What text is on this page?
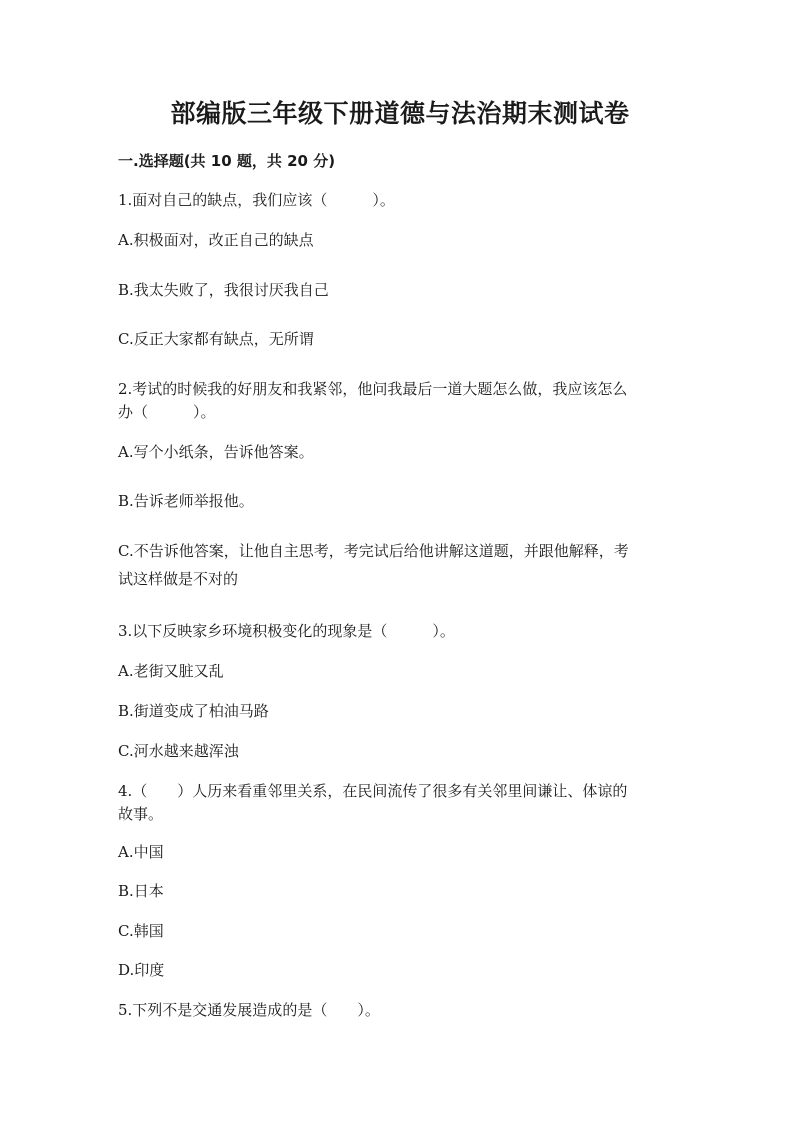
部编版三年级下册道德与法治期末测试卷
一.选择题(共 10 题，共 20 分)
1.面对自己的缺点，我们应该（　　　）。
A.积极面对，改正自己的缺点
B.我太失败了，我很讨厌我自己
C.反正大家都有缺点，无所谓
2.考试的时候我的好朋友和我紧邻，他问我最后一道大题怎么做，我应该怎么
办（　　　）。
A.写个小纸条，告诉他答案。
B.告诉老师举报他。
C.不告诉他答案，让他自主思考，考完试后给他讲解这道题，并跟他解释，考
试这样做是不对的
3.以下反映家乡环境积极变化的现象是（　　　）。
A.老街又脏又乱
B.街道变成了柏油马路
C.河水越来越浑浊
4.（　　）人历来看重邻里关系，在民间流传了很多有关邻里间谦让、体谅的
故事。
A.中国
B.日本
C.韩国
D.印度
5.下列不是交通发展造成的是（　　）。
